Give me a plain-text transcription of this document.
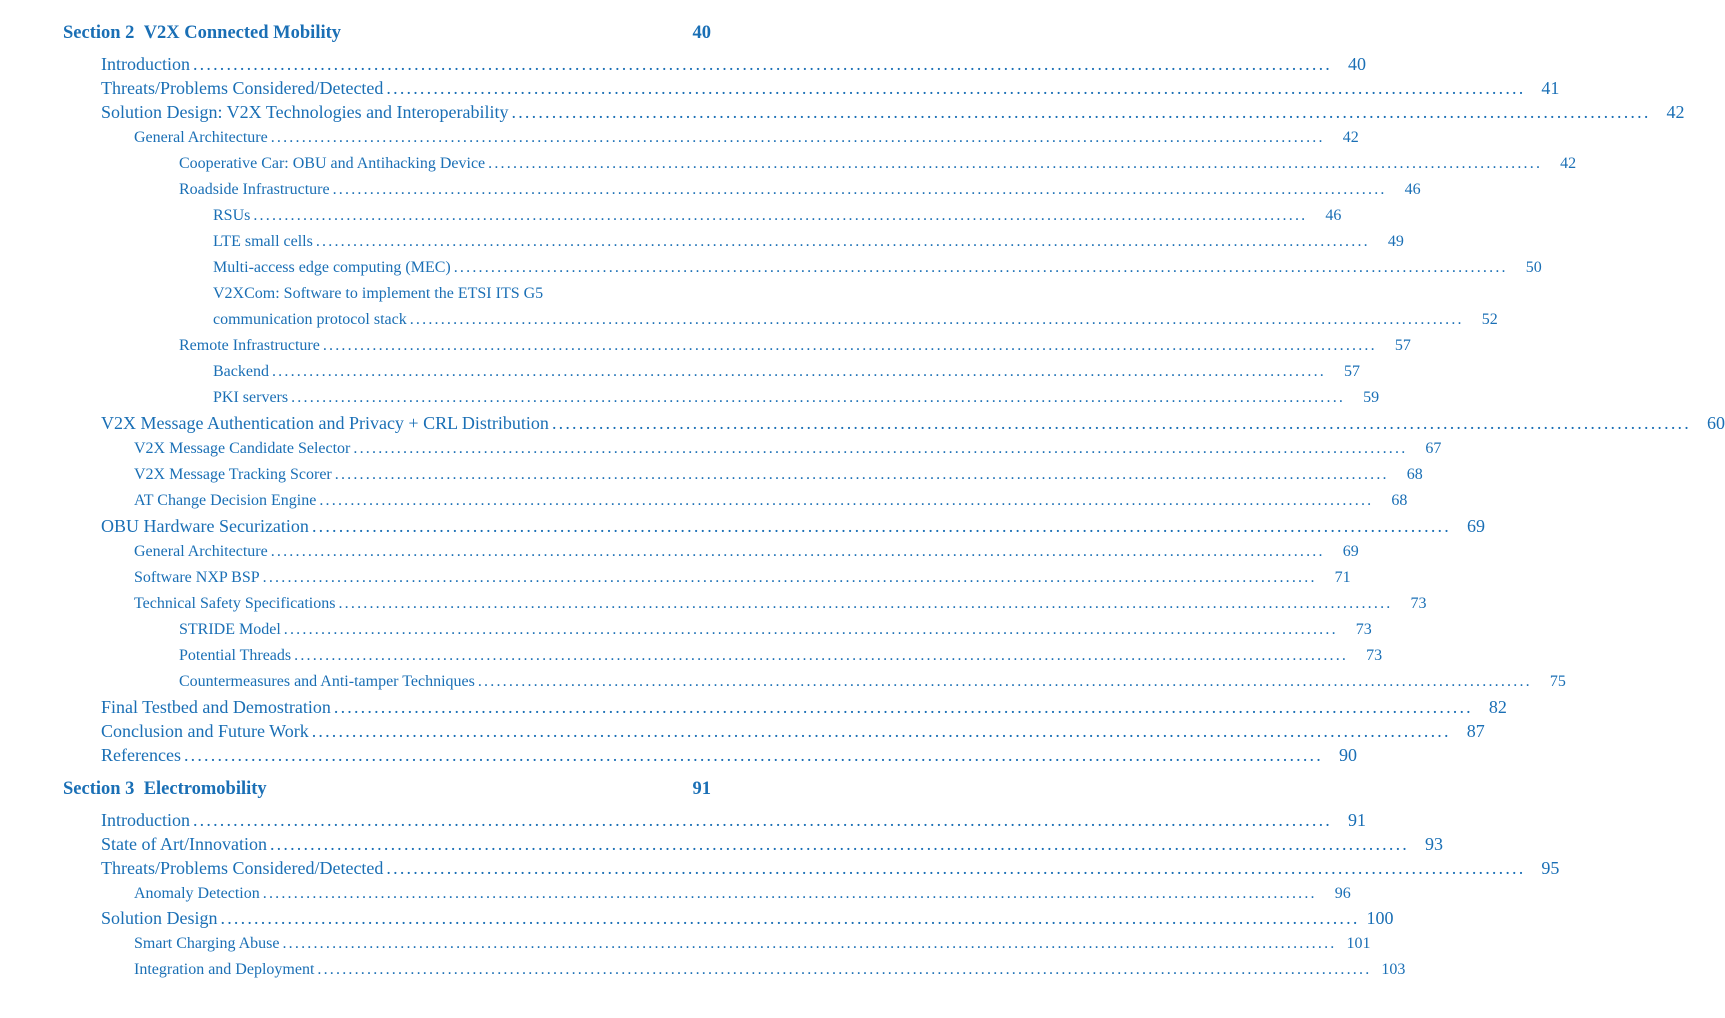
Section 2 V2X Connected Mobility	40
Introduction .......................................................................................................................................................................... 40
Threats/Problems Considered/Detected .......................................................................................................................................................................... 41
Solution Design: V2X Technologies and Interoperability .......................................................................................................................................................................... 42
General Architecture ..........................................................................................................................................................................	42
Cooperative Car: OBU and Antihacking Device ..........................................................................................................................................................................	42
Roadside Infrastructure ..........................................................................................................................................................................	46
RSUs ..........................................................................................................................................................................	46
LTE small cells ..........................................................................................................................................................................	49
Multi-access edge computing (MEC) ..........................................................................................................................................................................	50
V2XCom: Software to implement the ETSI ITS G5
communication protocol stack ..........................................................................................................................................................................	52
Remote Infrastructure ..........................................................................................................................................................................	57
Backend ..........................................................................................................................................................................	57
PKI servers ..........................................................................................................................................................................	59
V2X Message Authentication and Privacy + CRL Distribution .......................................................................................................................................................................... 60
V2X Message Candidate Selector ..........................................................................................................................................................................	67
V2X Message Tracking Scorer ..........................................................................................................................................................................	68
AT Change Decision Engine ..........................................................................................................................................................................	68
OBU Hardware Securization .......................................................................................................................................................................... 69
General Architecture ..........................................................................................................................................................................	69
Software NXP BSP ..........................................................................................................................................................................	71
Technical Safety Specifications ..........................................................................................................................................................................	73
STRIDE Model ..........................................................................................................................................................................	73
Potential Threads ..........................................................................................................................................................................	73
Countermeasures and Anti-tamper Techniques ..........................................................................................................................................................................	75
Final Testbed and Demostration .......................................................................................................................................................................... 82
Conclusion and Future Work .......................................................................................................................................................................... 87
References .......................................................................................................................................................................... 90
Section 3 Electromobility	91
Introduction .......................................................................................................................................................................... 91
State of Art/Innovation .......................................................................................................................................................................... 93
Threats/Problems Considered/Detected .......................................................................................................................................................................... 95
Anomaly Detection ..........................................................................................................................................................................	96
Solution Design .......................................................................................................................................................................... 100
Smart Charging Abuse .......................................................................................................................................................................... 101
Integration and Deployment .......................................................................................................................................................................... 103
